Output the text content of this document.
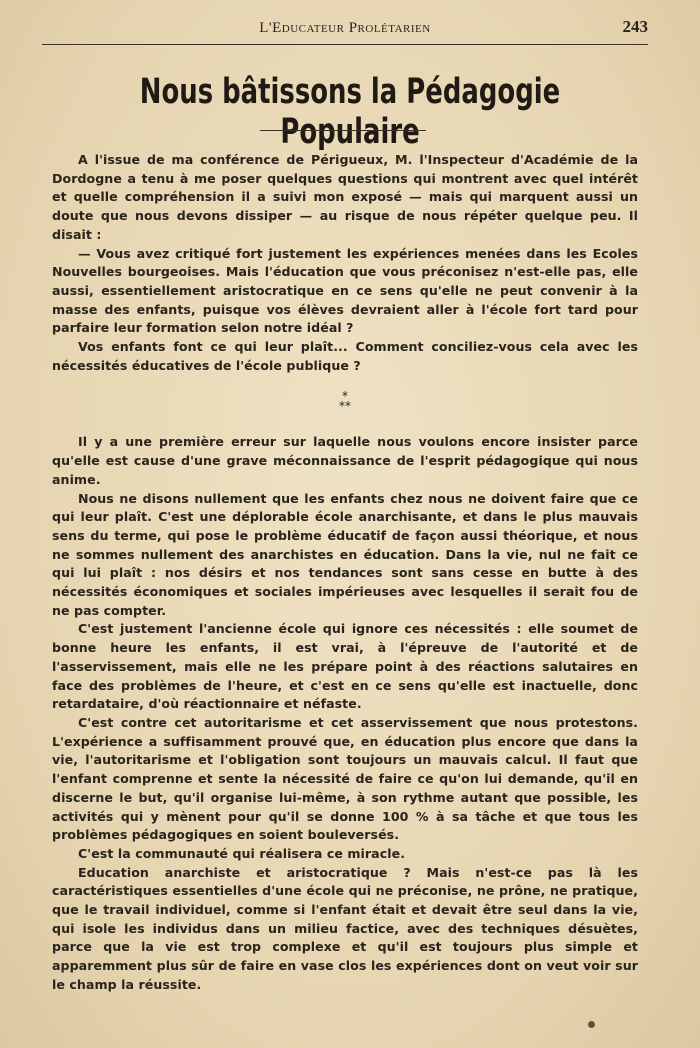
L'Educateur Prolétarien	243
Nous bâtissons la Pédagogie Populaire

A l'issue de ma conférence de Périgueux, M. l'Inspecteur d'Académie de la Dordogne a tenu à me poser quelques questions qui montrent avec quel intérêt et quelle compréhension il a suivi mon exposé — mais qui marquent aussi un doute que nous devons dissiper — au risque de nous répéter quelque peu. Il disait :

— Vous avez critiqué fort justement les expériences menées dans les Ecoles Nouvelles bourgeoises. Mais l'éducation que vous préconisez n'est-elle pas, elle aussi, essentiellement aristocratique en ce sens qu'elle ne peut convenir à la masse des enfants, puisque vos élèves devraient aller à l'école fort tard pour parfaire leur formation selon notre idéal ?

Vos enfants font ce qui leur plaît... Comment conciliez-vous cela avec les nécessités éducatives de l'école publique ?

*
**

Il y a une première erreur sur laquelle nous voulons encore insister parce qu'elle est cause d'une grave méconnaissance de l'esprit pédagogique qui nous anime.

Nous ne disons nullement que les enfants chez nous ne doivent faire que ce qui leur plaît. C'est une déplorable école anarchisante, et dans le plus mauvais sens du terme, qui pose le problème éducatif de façon aussi théorique, et nous ne sommes nullement des anarchistes en éducation. Dans la vie, nul ne fait ce qui lui plaît : nos désirs et nos tendances sont sans cesse en butte à des nécessités économiques et sociales impérieuses avec lesquelles il serait fou de ne pas compter.

C'est justement l'ancienne école qui ignore ces nécessités : elle soumet de bonne heure les enfants, il est vrai, à l'épreuve de l'autorité et de l'asservissement, mais elle ne les prépare point à des réactions salutaires en face des problèmes de l'heure, et c'est en ce sens qu'elle est inactuelle, donc retardataire, d'où réactionnaire et néfaste.

C'est contre cet autoritarisme et cet asservissement que nous protestons. L'expérience a suffisamment prouvé que, en éducation plus encore que dans la vie, l'autoritarisme et l'obligation sont toujours un mauvais calcul. Il faut que l'enfant comprenne et sente la nécessité de faire ce qu'on lui demande, qu'il en discerne le but, qu'il organise lui-même, à son rythme autant que possible, les activités qui y mènent pour qu'il se donne 100 % à sa tâche et que tous les problèmes pédagogiques en soient bouleversés.

C'est la communauté qui réalisera ce miracle.

Education anarchiste et aristocratique ? Mais n'est-ce pas là les caractéristiques essentielles d'une école qui ne préconise, ne prône, ne pratique, que le travail individuel, comme si l'enfant était et devait être seul dans la vie, qui isole les individus dans un milieu factice, avec des techniques désuètes, parce que la vie est trop complexe et qu'il est toujours plus simple et apparemment plus sûr de faire en vase clos les expériences dont on veut voir sur le champ la réussite.
